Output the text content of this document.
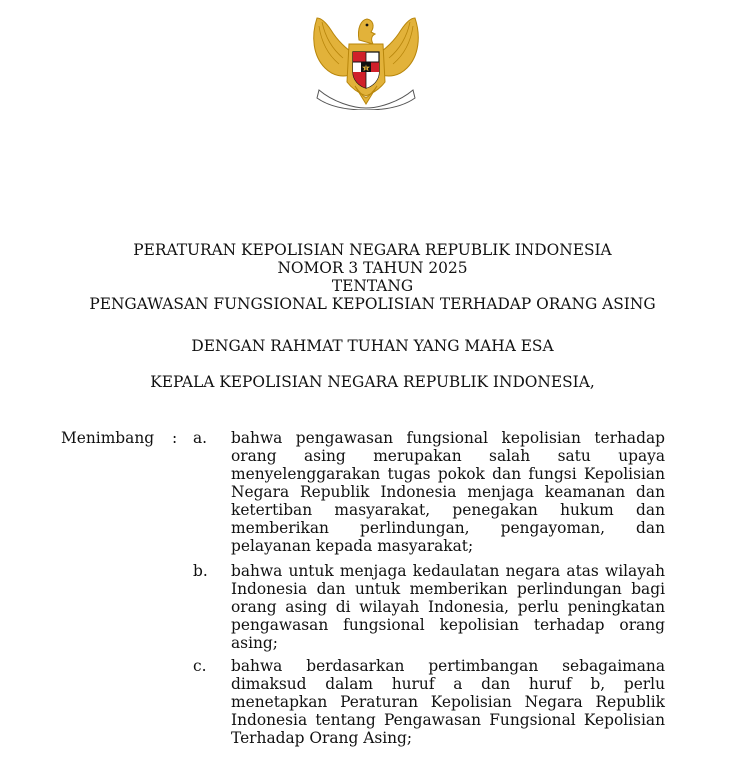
PERATURAN KEPOLISIAN NEGARA REPUBLIK INDONESIA
NOMOR 3 TAHUN 2025
TENTANG
PENGAWASAN FUNGSIONAL KEPOLISIAN TERHADAP ORANG ASING
DENGAN RAHMAT TUHAN YANG MAHA ESA
KEPALA KEPOLISIAN NEGARA REPUBLIK INDONESIA,
Menimbang : a. bahwa pengawasan fungsional kepolisian terhadap orang asing merupakan salah satu upaya menyelenggarakan tugas pokok dan fungsi Kepolisian Negara Republik Indonesia menjaga keamanan dan ketertiban masyarakat, penegakan hukum dan memberikan perlindungan, pengayoman, dan pelayanan kepada masyarakat;
b. bahwa untuk menjaga kedaulatan negara atas wilayah Indonesia dan untuk memberikan perlindungan bagi orang asing di wilayah Indonesia, perlu peningkatan pengawasan fungsional kepolisian terhadap orang asing;
c. bahwa berdasarkan pertimbangan sebagaimana dimaksud dalam huruf a dan huruf b, perlu menetapkan Peraturan Kepolisian Negara Republik Indonesia tentang Pengawasan Fungsional Kepolisian Terhadap Orang Asing;
